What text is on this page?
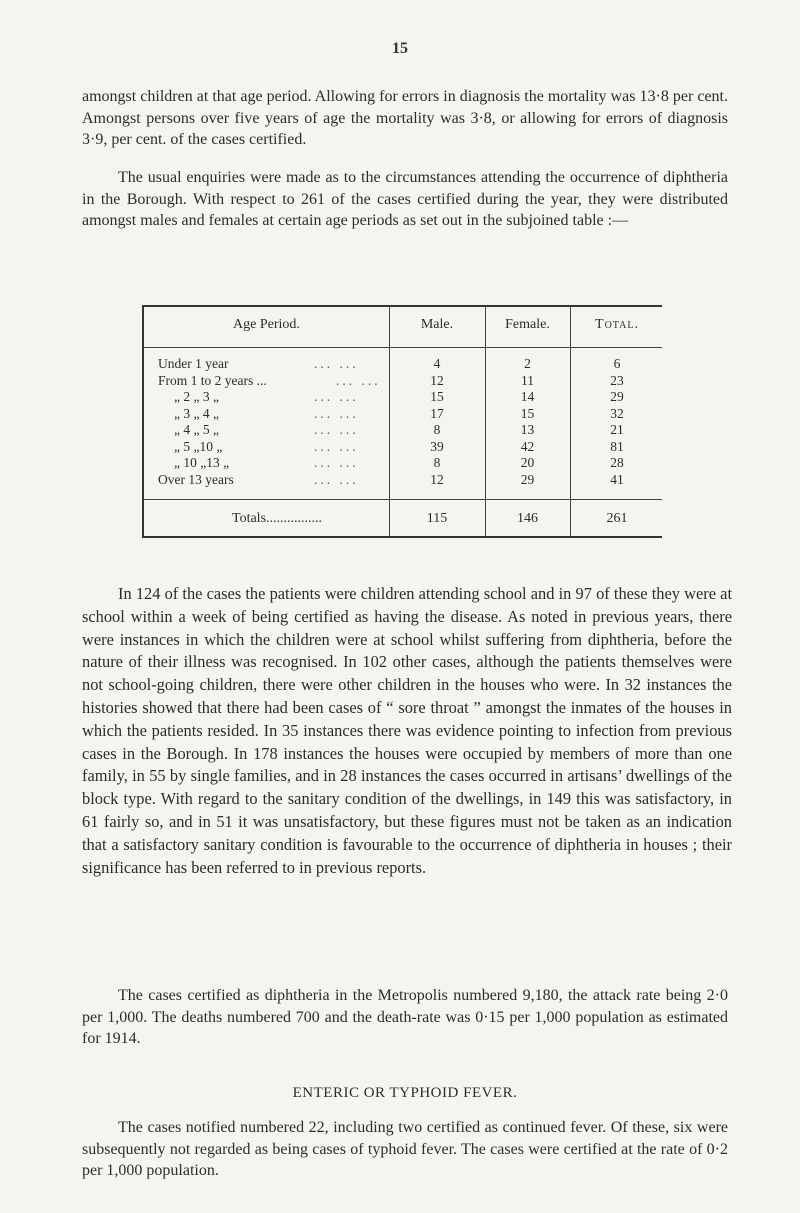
15

amongst children at that age period. Allowing for errors in diagnosis the mortality was 13·8 per cent. Amongst persons over five years of age the mortality was 3·8, or allowing for errors of diagnosis 3·9, per cent. of the cases certified.

The usual enquiries were made as to the circumstances attending the occurrence of diphtheria in the Borough. With respect to 261 of the cases certified during the year, they were distributed amongst males and females at certain age periods as set out in the subjoined table :—

Age Period.	Male.	Female.	Total.
Under 1 year	... ...	4	2	6
From 1 to 2 years ...	... ...	12	11	23
„ 2 „ 3 „	... ...	15	14	29
„ 3 „ 4 „	... ...	17	15	32
„ 4 „ 5 „	... ...	8	13	21
„ 5 „10 „	... ...	39	42	81
„ 10 „13 „	... ...	8	20	28
Over 13 years	... ...	12	29	41
Totals................	115	146	261

In 124 of the cases the patients were children attending school and in 97 of these they were at school within a week of being certified as having the disease. As noted in previous years, there were instances in which the children were at school whilst suffering from diphtheria, before the nature of their illness was recognised. In 102 other cases, although the patients themselves were not school-going children, there were other children in the houses who were. In 32 instances the histories showed that there had been cases of “ sore throat ” amongst the inmates of the houses in which the patients resided. In 35 instances there was evidence pointing to infection from previous cases in the Borough. In 178 instances the houses were occupied by members of more than one family, in 55 by single families, and in 28 instances the cases occurred in artisans’ dwellings of the block type. With regard to the sanitary condition of the dwellings, in 149 this was satisfactory, in 61 fairly so, and in 51 it was unsatisfactory, but these figures must not be taken as an indication that a satisfactory sanitary condition is favourable to the occurrence of diphtheria in houses ; their significance has been referred to in previous reports.

The cases certified as diphtheria in the Metropolis numbered 9,180, the attack rate being 2·0 per 1,000. The deaths numbered 700 and the death-rate was 0·15 per 1,000 population as estimated for 1914.

ENTERIC OR TYPHOID FEVER.

The cases notified numbered 22, including two certified as continued fever. Of these, six were subsequently not regarded as being cases of typhoid fever. The cases were certified at the rate of 0·2 per 1,000 population.
